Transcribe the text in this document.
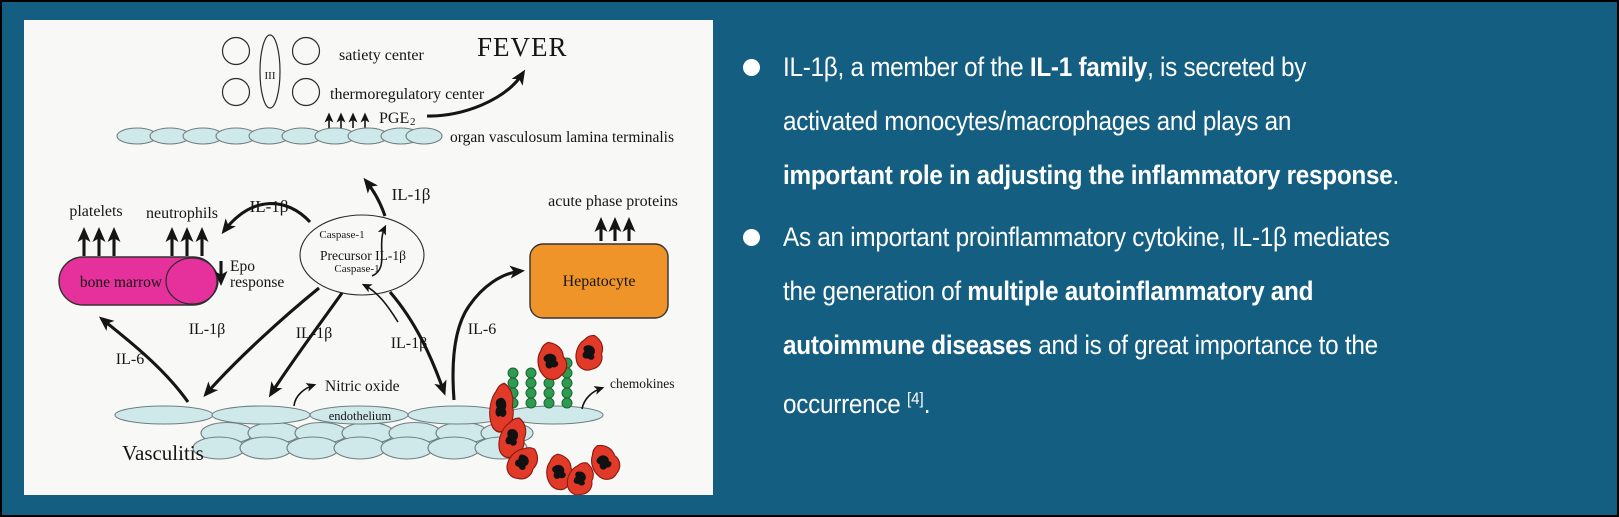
III
satiety center FEVER
thermoregulatory center
PGE 2
organ vasculosum lamina terminalis
platelets neutrophils IL-1β
IL-1β	acute phase proteins
bone marrow
Epo
response
Caspase-1
Precursor IL-1β
Caspase-1
Hepatocyte
IL-6
IL-1β	IL-1β
IL-1β
IL-6
Nitric oxide
endothelium
Vasculitis
chemokines
IL-1β, a member of the IL-1 family, is secreted by
activated monocytes/macrophages and plays an
important role in adjusting the inflammatory response.
As an important proinflammatory cytokine, IL-1β mediates
the generation of multiple autoinflammatory and
autoimmune diseases and is of great importance to the
occurrence [4].
